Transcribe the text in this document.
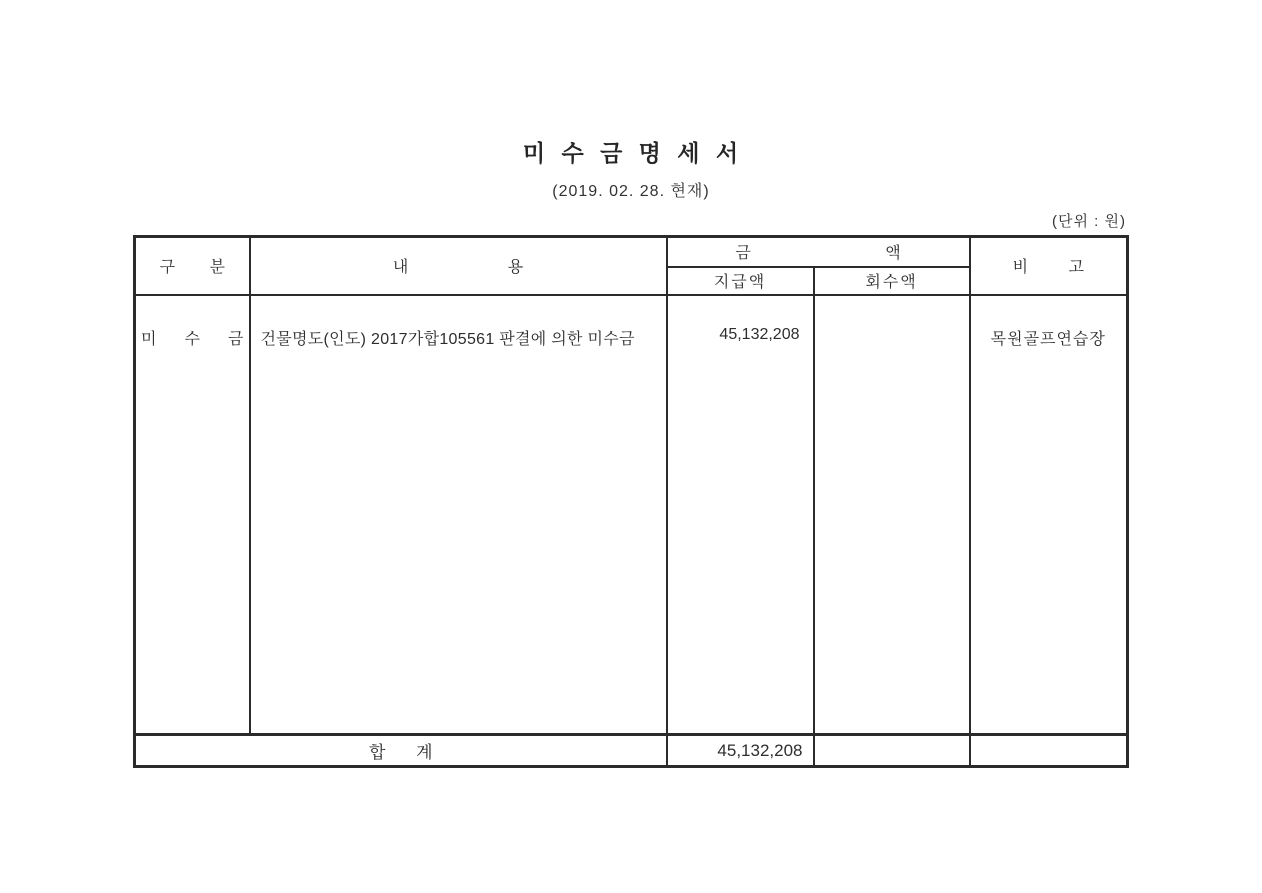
미 수 금 명 세 서
(2019. 02. 28. 현재)
(단위 : 원)
구 분	내 용	금 액		비 고
		지급액	회수액	
미 수 금	건물명도(인도) 2017가합105561 판결에 의한 미수금	45,132,208		목원골프연습장
합 계		45,132,208		
